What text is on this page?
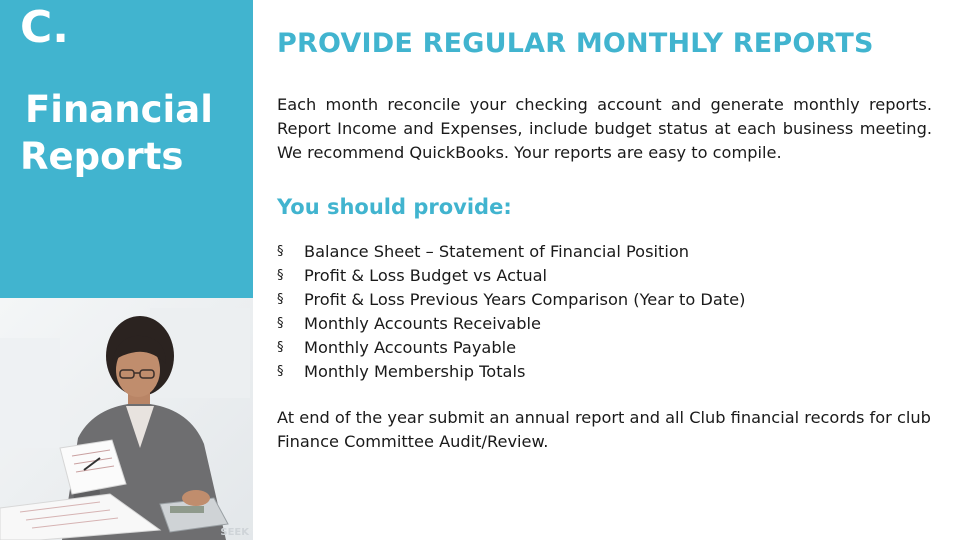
C.
Financial
Reports
SEEK
PROVIDE REGULAR MONTHLY REPORTS

Each month reconcile your checking account and generate monthly reports. Report Income and Expenses, include budget status at each business meeting. We recommend QuickBooks. Your reports are easy to compile.

You should provide:
§ Balance Sheet – Statement of Financial Position
§ Profit & Loss Budget vs Actual
§ Profit & Loss Previous Years Comparison (Year to Date)
§ Monthly Accounts Receivable
§ Monthly Accounts Payable
§ Monthly Membership Totals

At end of the year submit an annual report and all Club financial records for club Finance Committee Audit/Review.
